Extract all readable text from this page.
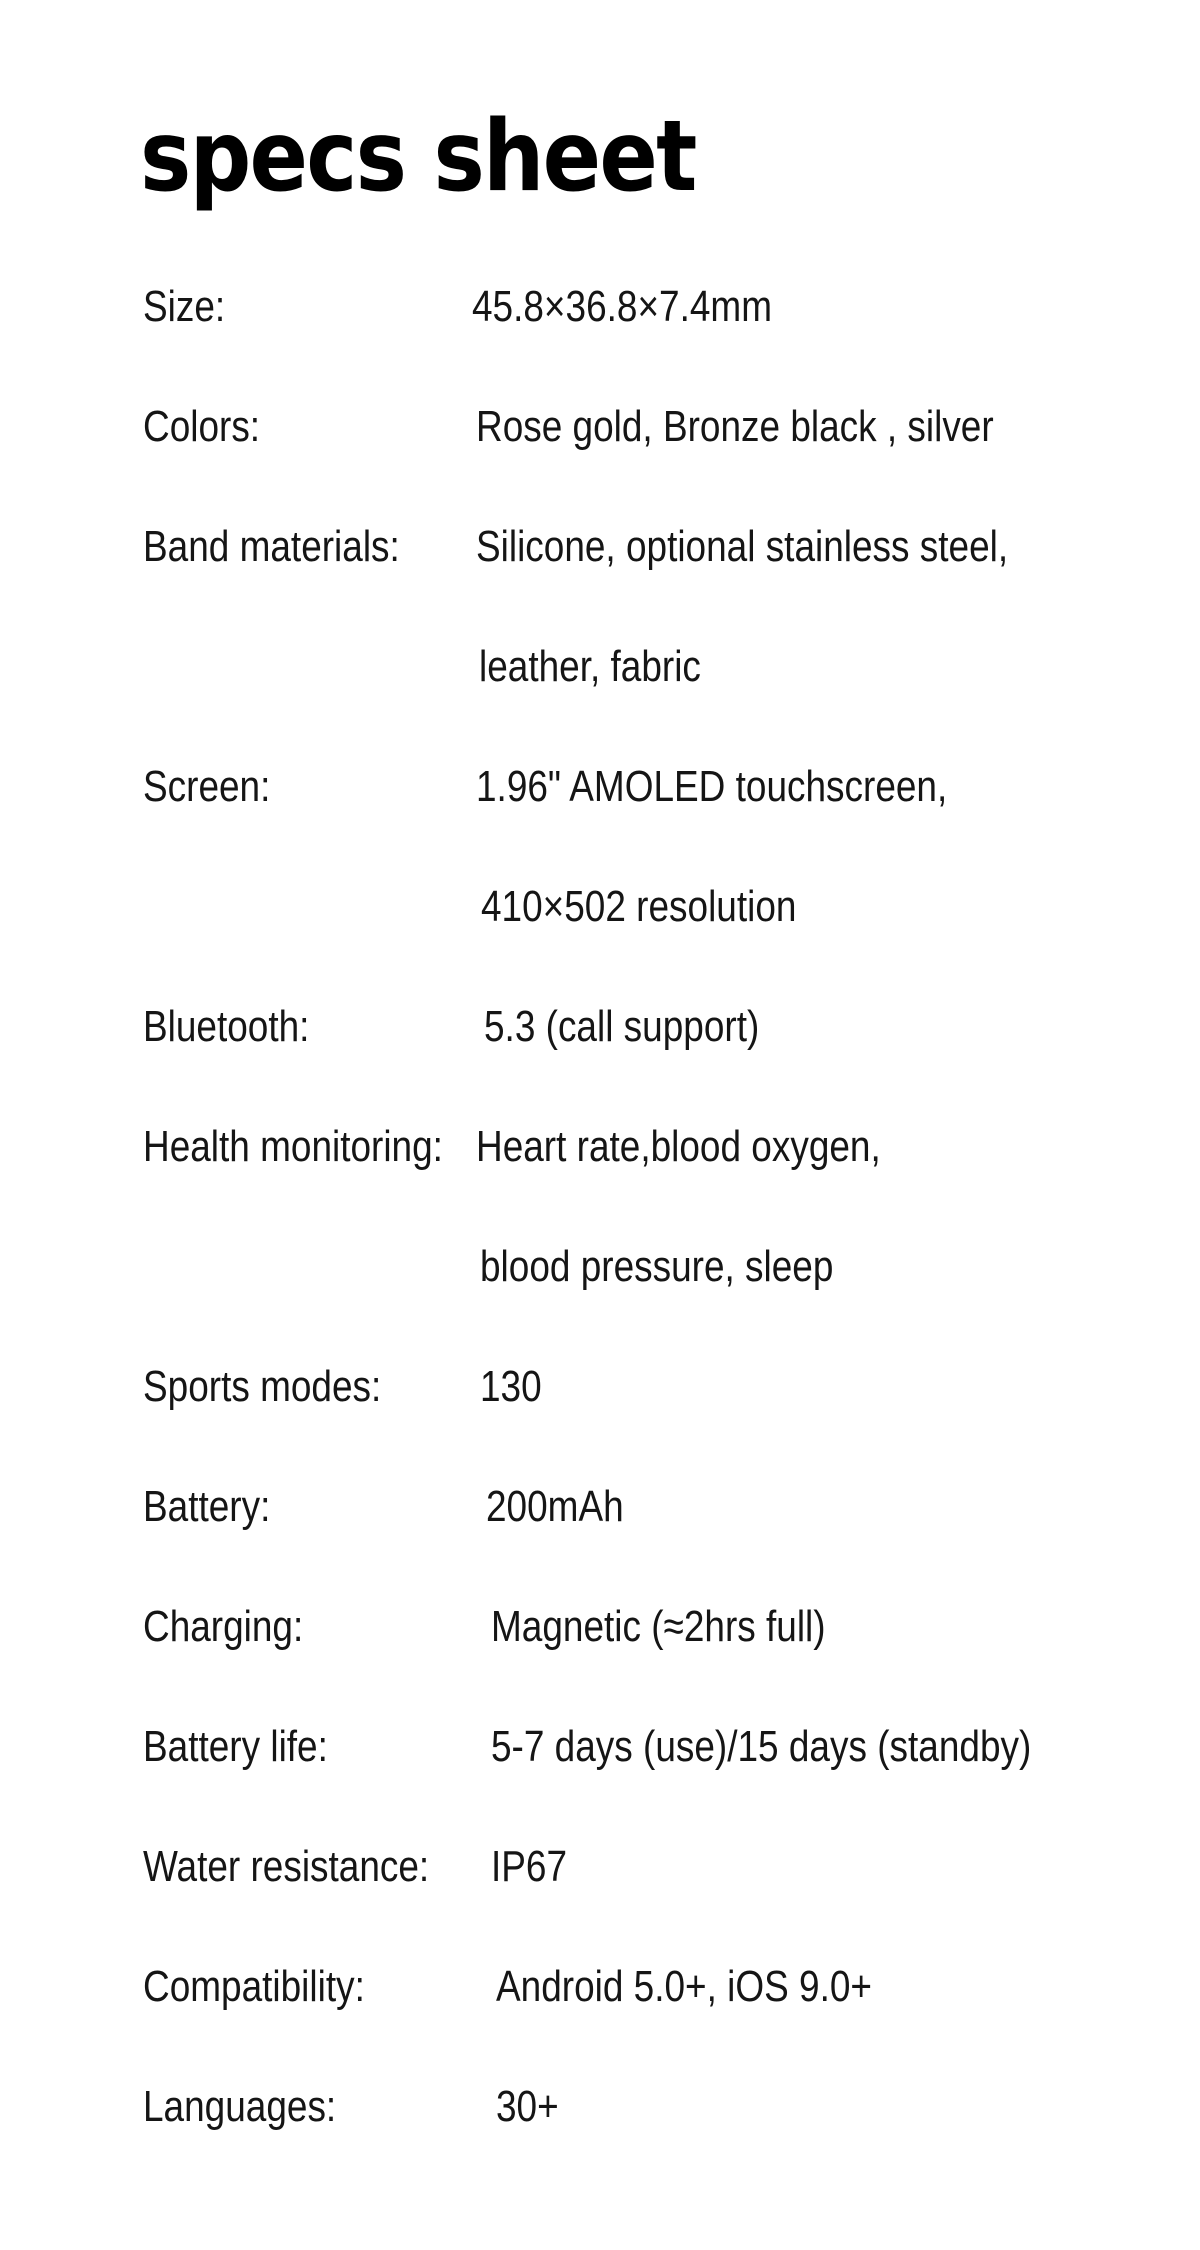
specs sheet
Size:	45.8×36.8×7.4mm
Colors:	Rose gold, Bronze black , silver
Band materials: Silicone, optional stainless steel,
leather, fabric
Screen:	1.96" AMOLED touchscreen,
410×502 resolution
Bluetooth:	5.3 (call support)
Health monitoring: Heart rate,blood oxygen,
blood pressure, sleep
Sports modes: 130
Battery:	200mAh
Charging:	Magnetic (≈2hrs full)
Battery life:	5-7 days (use)/15 days (standby)
Water resistance: IP67
Compatibility:	Android 5.0+, iOS 9.0+
Languages:	30+
